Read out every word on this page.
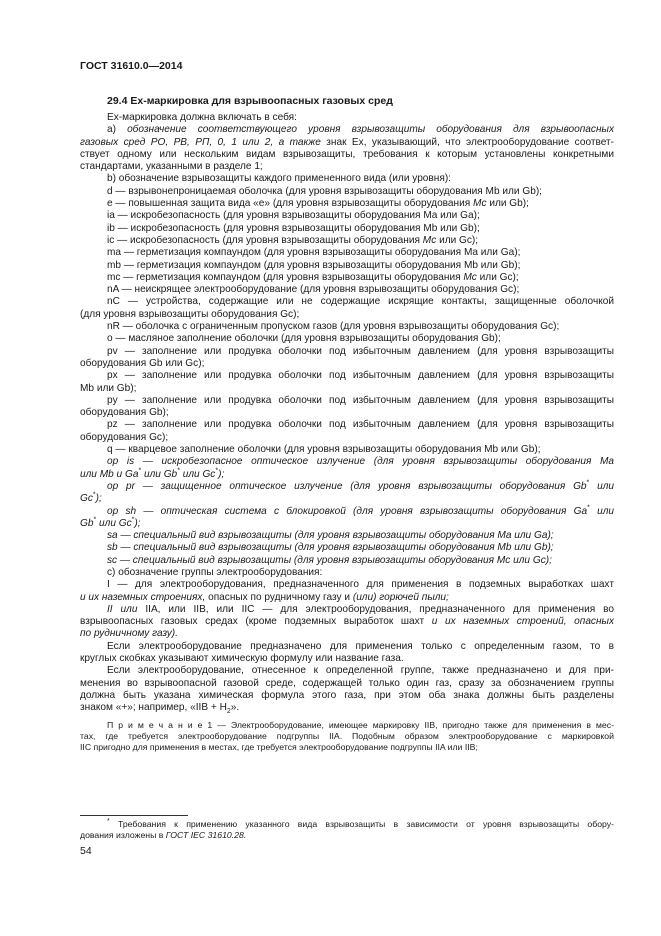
ГОСТ 31610.0—2014
29.4 Ex-маркировка для взрывоопасных газовых сред
Ex-маркировка должна включать в себя:
а) обозначение соответствующего уровня взрывозащиты оборудования для взрывоопасных
газовых сред РО, РВ, РП, 0, 1 или 2, а также знак Ex, указывающий, что электрооборудование соответ-
ствует одному или нескольким видам взрывозащиты, требования к которым установлены конкретными
стандартами, указанными в разделе 1;
b) обозначение взрывозащиты каждого примененного вида (или уровня):
d — взрывонепроницаемая оболочка (для уровня взрывозащиты оборудования Mb или Gb);
e — повышенная защита вида «е» (для уровня взрывозащиты оборудования Mc или Gb);
ia — искробезопасность (для уровня взрывозащиты оборудования Ma или Ga);
ib — искробезопасность (для уровня взрывозащиты оборудования Mb или Gb);
ic — искробезопасность (для уровня взрывозащиты оборудования Mc или Gc);
ma — герметизация компаундом (для уровня взрывозащиты оборудования Ma или Ga);
mb — герметизация компаундом (для уровня взрывозащиты оборудования Mb или Gb);
mc — герметизация компаундом (для уровня взрывозащиты оборудования Mc или Gc);
nA — неискрящее электрооборудование (для уровня взрывозащиты оборудования Gc);
nC — устройства, содержащие или не содержащие искрящие контакты, защищенные оболочкой
(для уровня взрывозащиты оборудования Gc);
nR — оболочка с ограниченным пропуском газов (для уровня взрывозащиты оборудования Gc);
o — масляное заполнение оболочки (для уровня взрывозащиты оборудования Gb);
pv — заполнение или продувка оболочки под избыточным давлением (для уровня взрывозащиты
оборудования Gb или Gc);
px — заполнение или продувка оболочки под избыточным давлением (для уровня взрывозащиты
Mb или Gb);
py — заполнение или продувка оболочки под избыточным давлением (для уровня взрывозащиты
оборудования Gb);
pz — заполнение или продувка оболочки под избыточным давлением (для уровня взрывозащиты
оборудования Gc);
q — кварцевое заполнение оболочки (для уровня взрывозащиты оборудования Mb или Gb);
op is — искробезопасное оптическое излучение (для уровня взрывозащиты оборудования Ma
или Mb и Ga* или Gb* или Gc*);
op pr — защищенное оптическое излучение (для уровня взрывозащиты оборудования Gb* или
Gc*);
op sh — оптическая система с блокировкой (для уровня взрывозащиты оборудования Ga* или
Gb* или Gc*);
sa — специальный вид взрывозащиты (для уровня взрывозащиты оборудования Ma или Ga);
sb — специальный вид взрывозащиты (для уровня взрывозащиты оборудования Mb или Gb);
sc — специальный вид взрывозащиты (для уровня взрывозащиты оборудования Mc или Gc);
c) обозначение группы электрооборудования:
I — для электрооборудования, предназначенного для применения в подземных выработках шахт
и их наземных строениях, опасных по рудничному газу и (или) горючей пыли;
II или IIA, или IIB, или IIC — для электрооборудования, предназначенного для применения во
взрывоопасных газовых средах (кроме подземных выработок шахт и их наземных строений, опасных
по рудничному газу).
Если электрооборудование предназначено для применения только с определенным газом, то в
круглых скобках указывают химическую формулу или название газа.
Если электрооборудование, отнесенное к определенной группе, также предназначено и для при-
менения во взрывоопасной газовой среде, содержащей только один газ, сразу за обозначением группы
должна быть указана химическая формула этого газа, при этом оба знака должны быть разделены
знаком «+»; например, «IIB + $H_2$».
П р и м е ч а н и е 1 — Электрооборудование, имеющее маркировку IIB, пригодно также для применения в мес-
тах, где требуется электрооборудование подгруппы IIA. Подобным образом электрооборудование с маркировкой
IIC пригодно для применения в местах, где требуется электрооборудование подгруппы IIA или IIB;
* Требования к применению указанного вида взрывозащиты в зависимости от уровня взрывозащиты обору-
дования изложены в ГОСТ IEC 31610.28.
54
